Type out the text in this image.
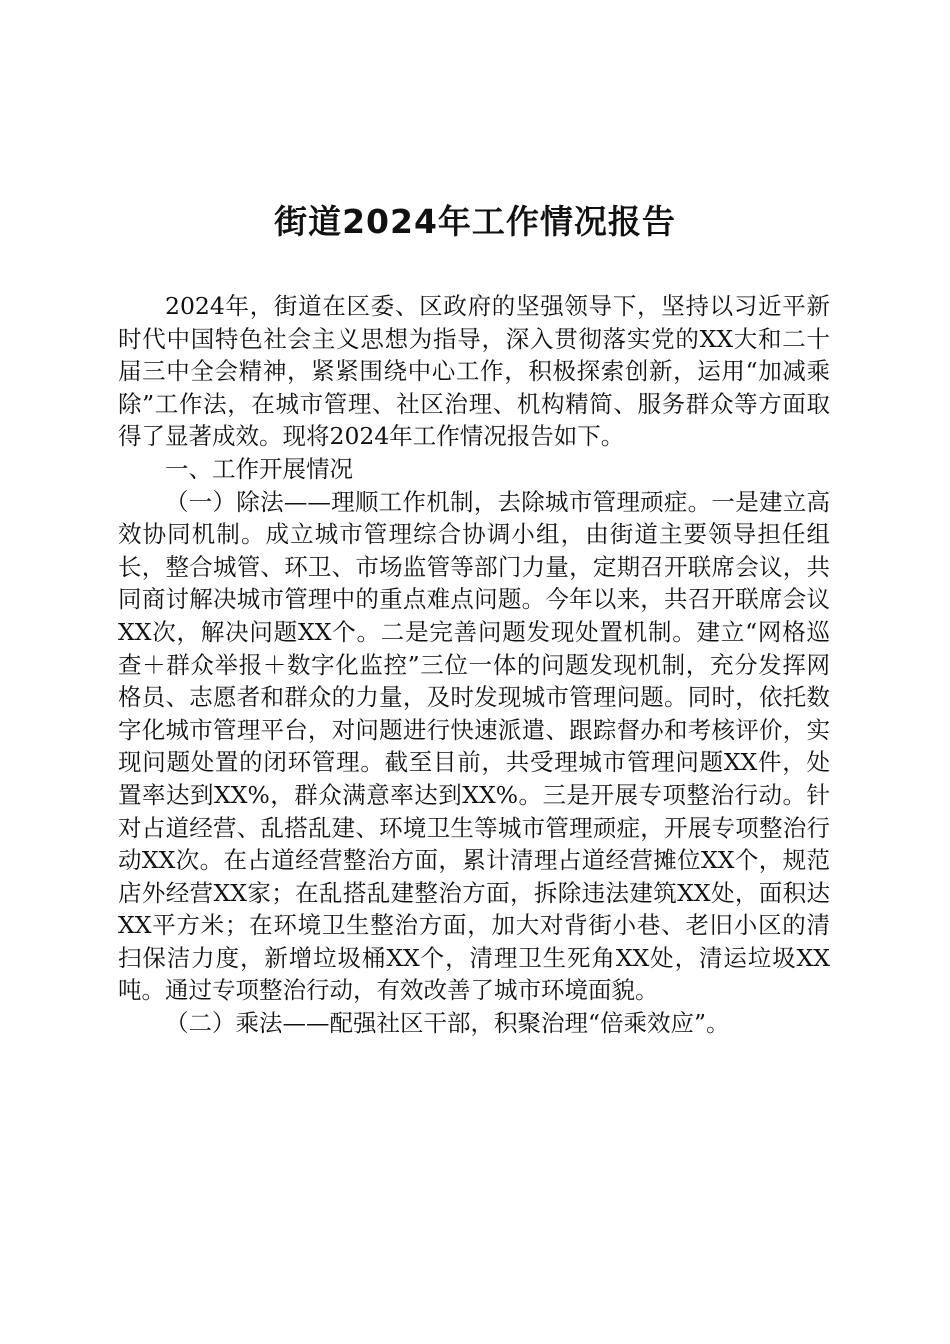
街道2024年工作情况报告

2024年，街道在区委、区政府的坚强领导下，坚持以习近平新时代中国特色社会主义思想为指导，深入贯彻落实党的XX大和二十届三中全会精神，紧紧围绕中心工作，积极探索创新，运用“加减乘除”工作法，在城市管理、社区治理、机构精简、服务群众等方面取得了显著成效。现将2024年工作情况报告如下。

一、工作开展情况

（一）除法——理顺工作机制，去除城市管理顽症。一是建立高效协同机制。成立城市管理综合协调小组，由街道主要领导担任组长，整合城管、环卫、市场监管等部门力量，定期召开联席会议，共同商讨解决城市管理中的重点难点问题。今年以来，共召开联席会议XX次，解决问题XX个。二是完善问题发现处置机制。建立“网格巡查＋群众举报＋数字化监控”三位一体的问题发现机制，充分发挥网格员、志愿者和群众的力量，及时发现城市管理问题。同时，依托数字化城市管理平台，对问题进行快速派遣、跟踪督办和考核评价，实现问题处置的闭环管理。截至目前，共受理城市管理问题XX件，处置率达到XX%，群众满意率达到XX%。三是开展专项整治行动。针对占道经营、乱搭乱建、环境卫生等城市管理顽症，开展专项整治行动XX次。在占道经营整治方面，累计清理占道经营摊位XX个，规范店外经营XX家；在乱搭乱建整治方面，拆除违法建筑XX处，面积达XX平方米；在环境卫生整治方面，加大对背街小巷、老旧小区的清扫保洁力度，新增垃圾桶XX个，清理卫生死角XX处，清运垃圾XX吨。通过专项整治行动，有效改善了城市环境面貌。

（二）乘法——配强社区干部，积聚治理“倍乘效应”。
